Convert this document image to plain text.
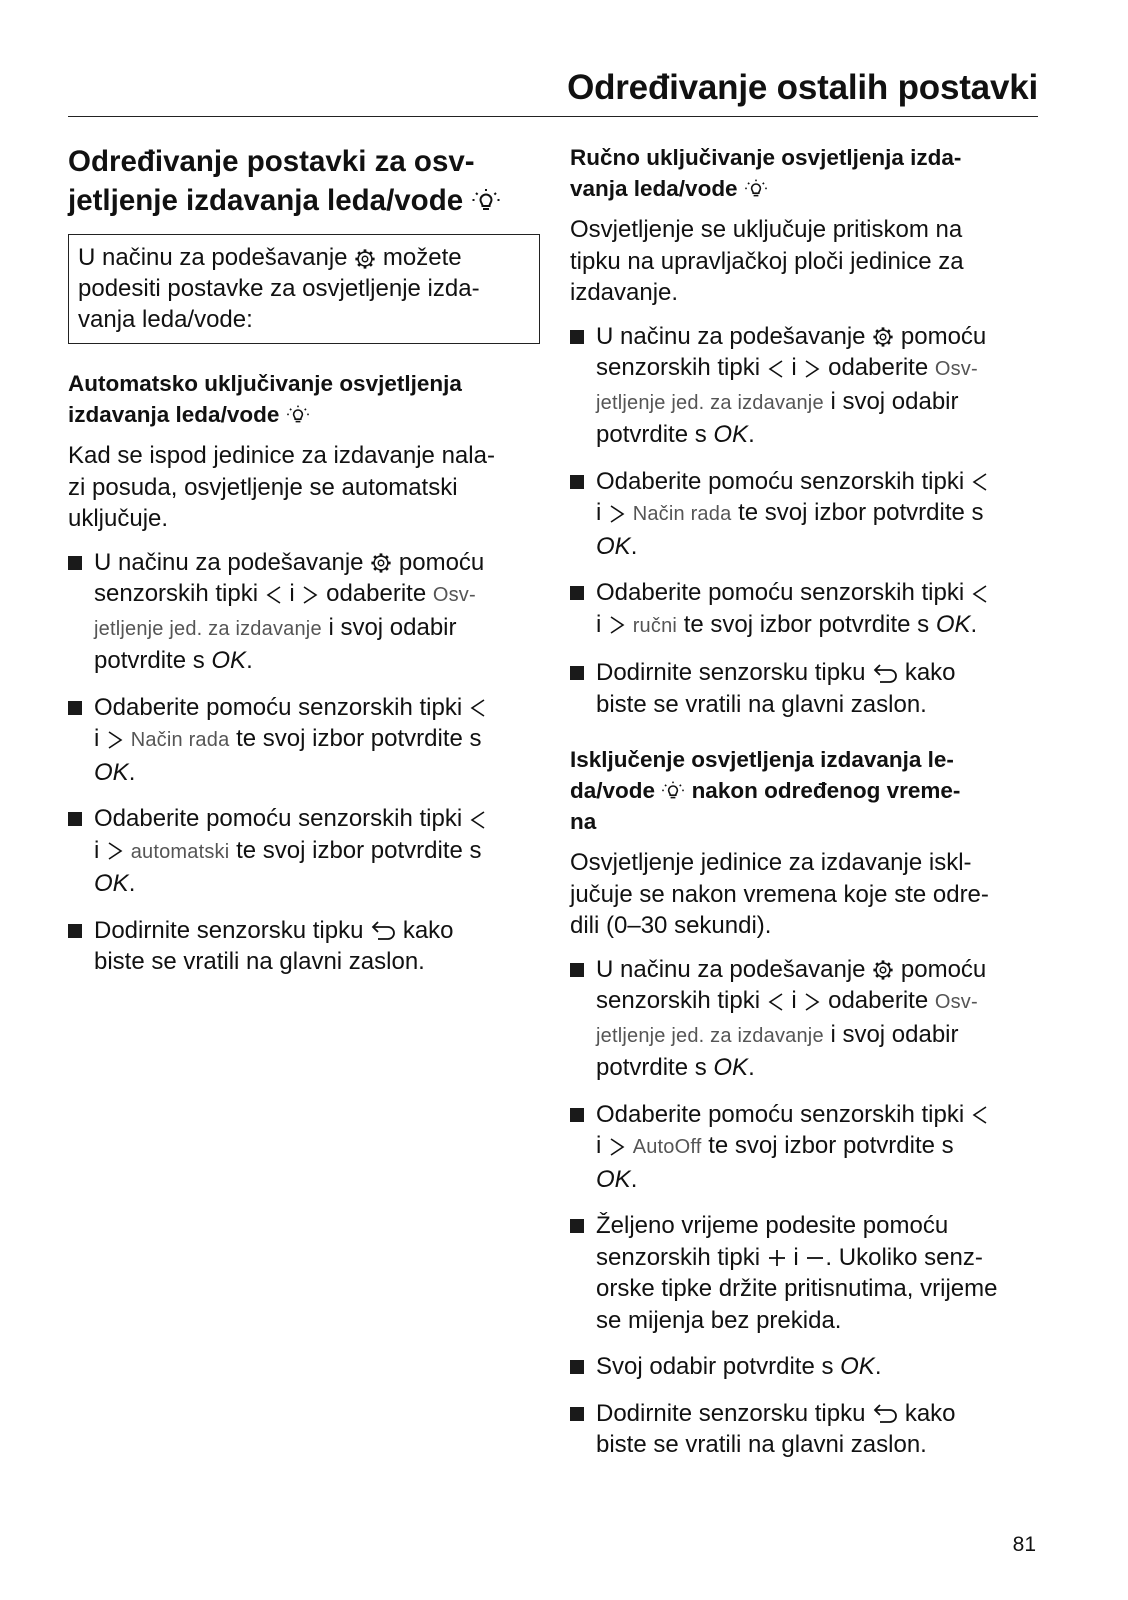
Određivanje ostalih postavki
Određivanje postavki za osv-
jetljenje izdavanja leda/vode
U načinu za podešavanje možete
podesiti postavke za osvjetljenje izda-
vanja leda/vode:
Automatsko uključivanje osvjetljenja
izdavanja leda/vode

Kad se ispod jedinice za izdavanje nala-
zi posuda, osvjetljenje se automatski
uključuje.

U načinu za podešavanje pomoću
senzorskih tipki i odaberite Osv-
jetljenje jed. za izdavanje i svoj odabir
potvrdite s OK.
Odaberite pomoću senzorskih tipki

i Način rada te svoj izbor potvrdite s
OK.
Odaberite pomoću senzorskih tipki

i automatski te svoj izbor potvrdite s
OK.
Dodirnite senzorsku tipku kako
biste se vratili na glavni zaslon.
Ručno uključivanje osvjetljenja izda-
vanja leda/vode

Osvjetljenje se uključuje pritiskom na
tipku na upravljačkoj ploči jedinice za
izdavanje.

U načinu za podešavanje pomoću
senzorskih tipki i odaberite Osv-
jetljenje jed. za izdavanje i svoj odabir
potvrdite s OK.
Odaberite pomoću senzorskih tipki

i Način rada te svoj izbor potvrdite s
OK.
Odaberite pomoću senzorskih tipki

i ručni te svoj izbor potvrdite s OK.
Dodirnite senzorsku tipku kako
biste se vratili na glavni zaslon.
Isključenje osvjetljenja izdavanja le-
da/vode nakon određenog vreme-
na

Osvjetljenje jedinice za izdavanje iskl-
jučuje se nakon vremena koje ste odre-
dili (0–30 sekundi).

U načinu za podešavanje pomoću
senzorskih tipki i odaberite Osv-
jetljenje jed. za izdavanje i svoj odabir
potvrdite s OK.
Odaberite pomoću senzorskih tipki

i AutoOff te svoj izbor potvrdite s
OK.
Željeno vrijeme podesite pomoću
senzorskih tipki i . Ukoliko senz-
orske tipke držite pritisnutima, vrijeme
se mijenja bez prekida.
Svoj odabir potvrdite s OK.
Dodirnite senzorsku tipku kako
biste se vratili na glavni zaslon.
81
